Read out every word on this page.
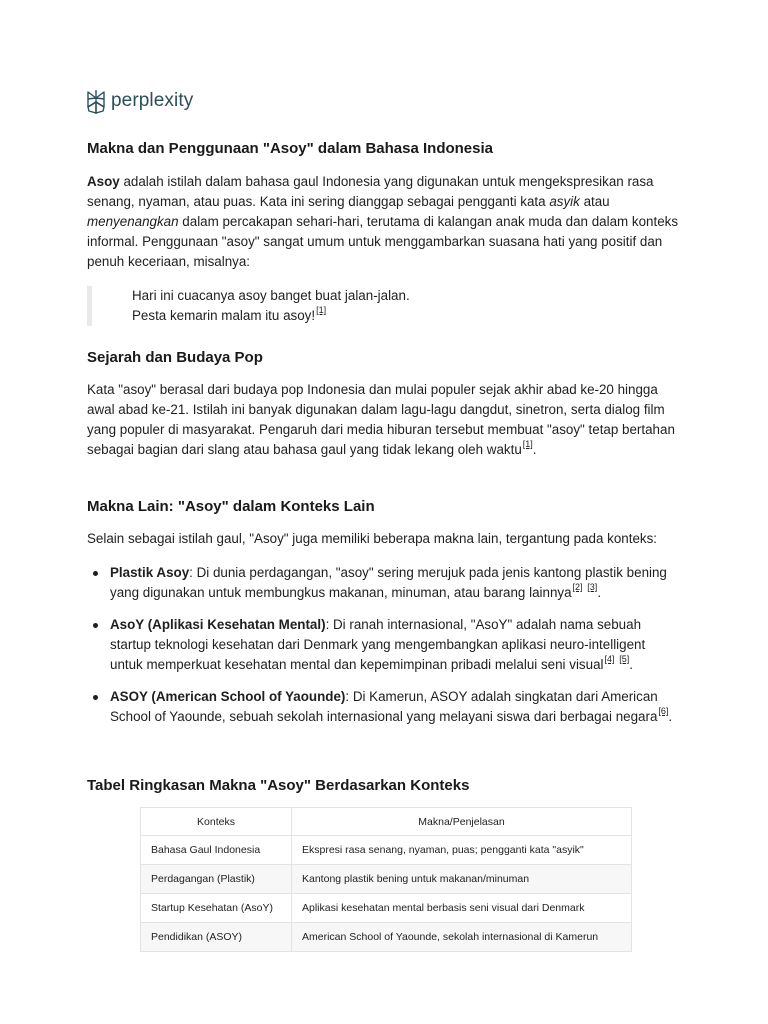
perplexity
Makna dan Penggunaan "Asoy" dalam Bahasa Indonesia

Asoy adalah istilah dalam bahasa gaul Indonesia yang digunakan untuk mengekspresikan rasa senang, nyaman, atau puas. Kata ini sering dianggap sebagai pengganti kata asyik atau menyenangkan dalam percakapan sehari-hari, terutama di kalangan anak muda dan dalam konteks informal. Penggunaan "asoy" sangat umum untuk menggambarkan suasana hati yang positif dan penuh keceriaan, misalnya:

Hari ini cuacanya asoy banget buat jalan-jalan.
Pesta kemarin malam itu asoy![1]
Sejarah dan Budaya Pop

Kata "asoy" berasal dari budaya pop Indonesia dan mulai populer sejak akhir abad ke-20 hingga awal abad ke-21. Istilah ini banyak digunakan dalam lagu-lagu dangdut, sinetron, serta dialog film yang populer di masyarakat. Pengaruh dari media hiburan tersebut membuat "asoy" tetap bertahan sebagai bagian dari slang atau bahasa gaul yang tidak lekang oleh waktu[1].

Makna Lain: "Asoy" dalam Konteks Lain

Selain sebagai istilah gaul, "Asoy" juga memiliki beberapa makna lain, tergantung pada konteks:

Plastik Asoy: Di dunia perdagangan, "asoy" sering merujuk pada jenis kantong plastik bening yang digunakan untuk membungkus makanan, minuman, atau barang lainnya[2] [3].
AsoY (Aplikasi Kesehatan Mental): Di ranah internasional, "AsoY" adalah nama sebuah startup teknologi kesehatan dari Denmark yang mengembangkan aplikasi neuro-intelligent untuk memperkuat kesehatan mental dan kepemimpinan pribadi melalui seni visual[4] [5].
ASOY (American School of Yaounde): Di Kamerun, ASOY adalah singkatan dari American School of Yaounde, sebuah sekolah internasional yang melayani siswa dari berbagai negara[6].
Tabel Ringkasan Makna "Asoy" Berdasarkan Konteks
Konteks	Makna/Penjelasan
Bahasa Gaul Indonesia	Ekspresi rasa senang, nyaman, puas; pengganti kata "asyik"
Perdagangan (Plastik)	Kantong plastik bening untuk makanan/minuman
Startup Kesehatan (AsoY)	Aplikasi kesehatan mental berbasis seni visual dari Denmark
Pendidikan (ASOY)	American School of Yaounde, sekolah internasional di Kamerun
